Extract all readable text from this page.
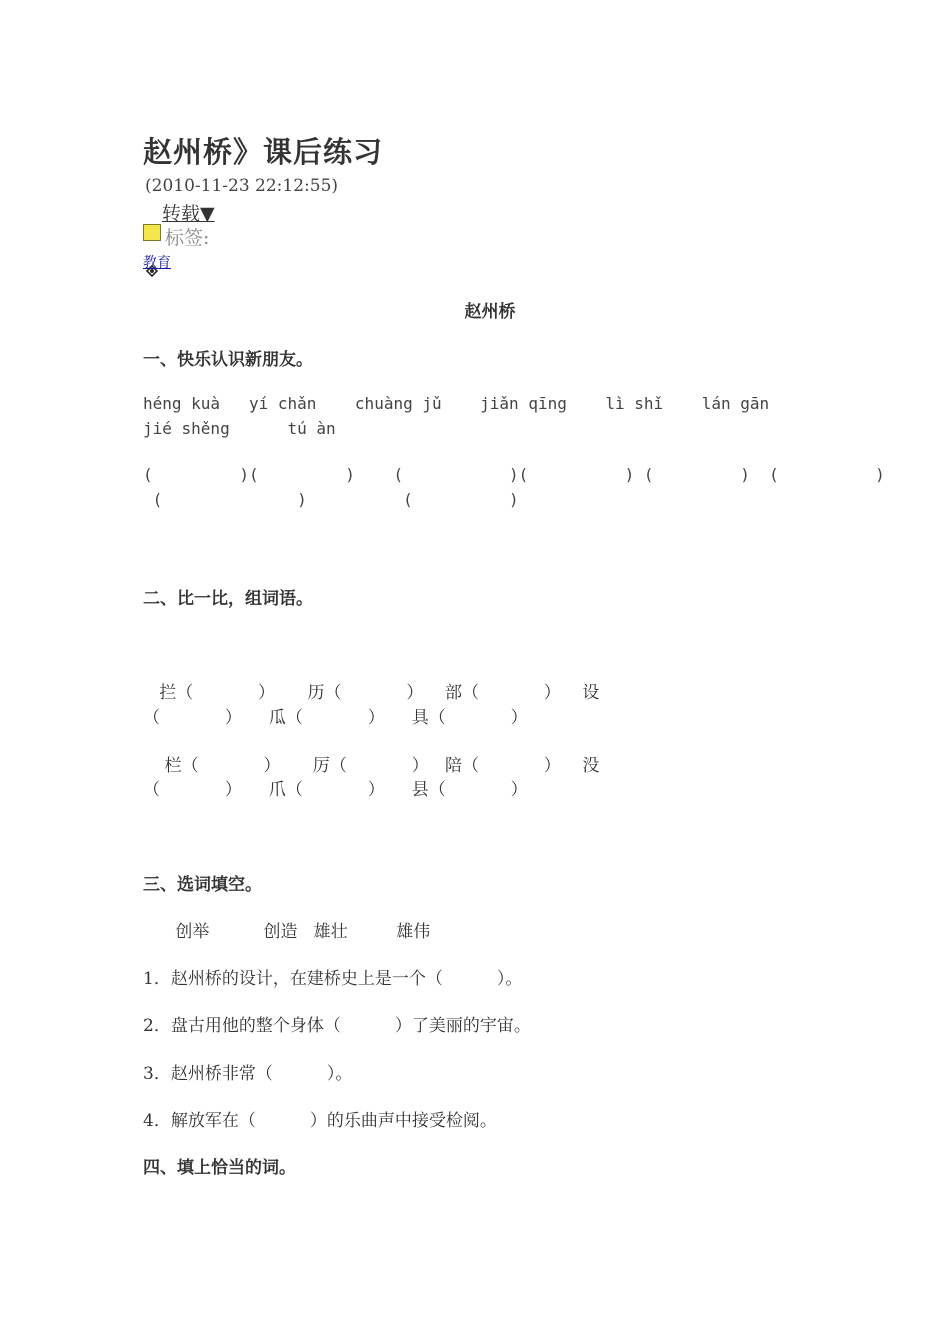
赵州桥》课后练习
(2010-11-23 22:12:55)
转载▼

标签:
教育
赵州桥
一、快乐认识新朋友。
héng kuà   yí chǎn    chuàng jǔ    jiǎn qīng    lì shǐ    lán gān
jié shěng      tú àn
(         )(         )    (           )(          ) (         )  (          )
(              )          (          )
二、比一比，组词语。
拦（            ）      历（            ）    部（            ）    设
（            ）     瓜（            ）     具（            ）
栏（            ）      厉（            ）   陪（            ）    没
（            ）     爪（            ）     县（            ）
三、选词填空。
创举          创造   雄壮         雄伟
1．赵州桥的设计，在建桥史上是一个（          ）。
2．盘古用他的整个身体（          ）了美丽的宇宙。
3．赵州桥非常（          ）。
4．解放军在（          ）的乐曲声中接受检阅。
四、填上恰当的词。
